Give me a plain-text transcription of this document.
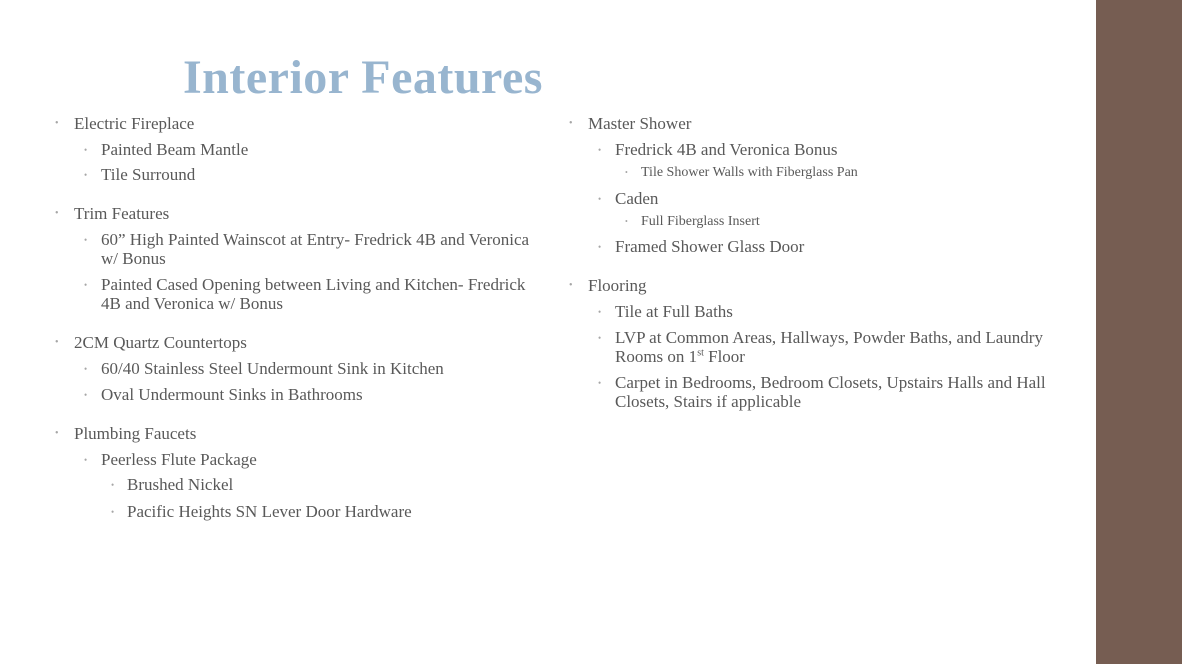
Interior Features
• Electric Fireplace
• Painted Beam Mantle
• Tile Surround
• Trim Features
• 60” High Painted Wainscot at Entry- Fredrick 4B and Veronica w/ Bonus
• Painted Cased Opening between Living and Kitchen- Fredrick 4B and Veronica w/ Bonus
• 2CM Quartz Countertops
• 60/40 Stainless Steel Undermount Sink in Kitchen
• Oval Undermount Sinks in Bathrooms
• Plumbing Faucets
• Peerless Flute Package
• Brushed Nickel
• Pacific Heights SN Lever Door Hardware
• Master Shower
• Fredrick 4B and Veronica Bonus
• Tile Shower Walls with Fiberglass Pan
• Caden
• Full Fiberglass Insert
• Framed Shower Glass Door
• Flooring
• Tile at Full Baths
• LVP at Common Areas, Hallways, Powder Baths, and Laundry Rooms on 1st Floor
• Carpet in Bedrooms, Bedroom Closets, Upstairs Halls and Hall Closets, Stairs if applicable
